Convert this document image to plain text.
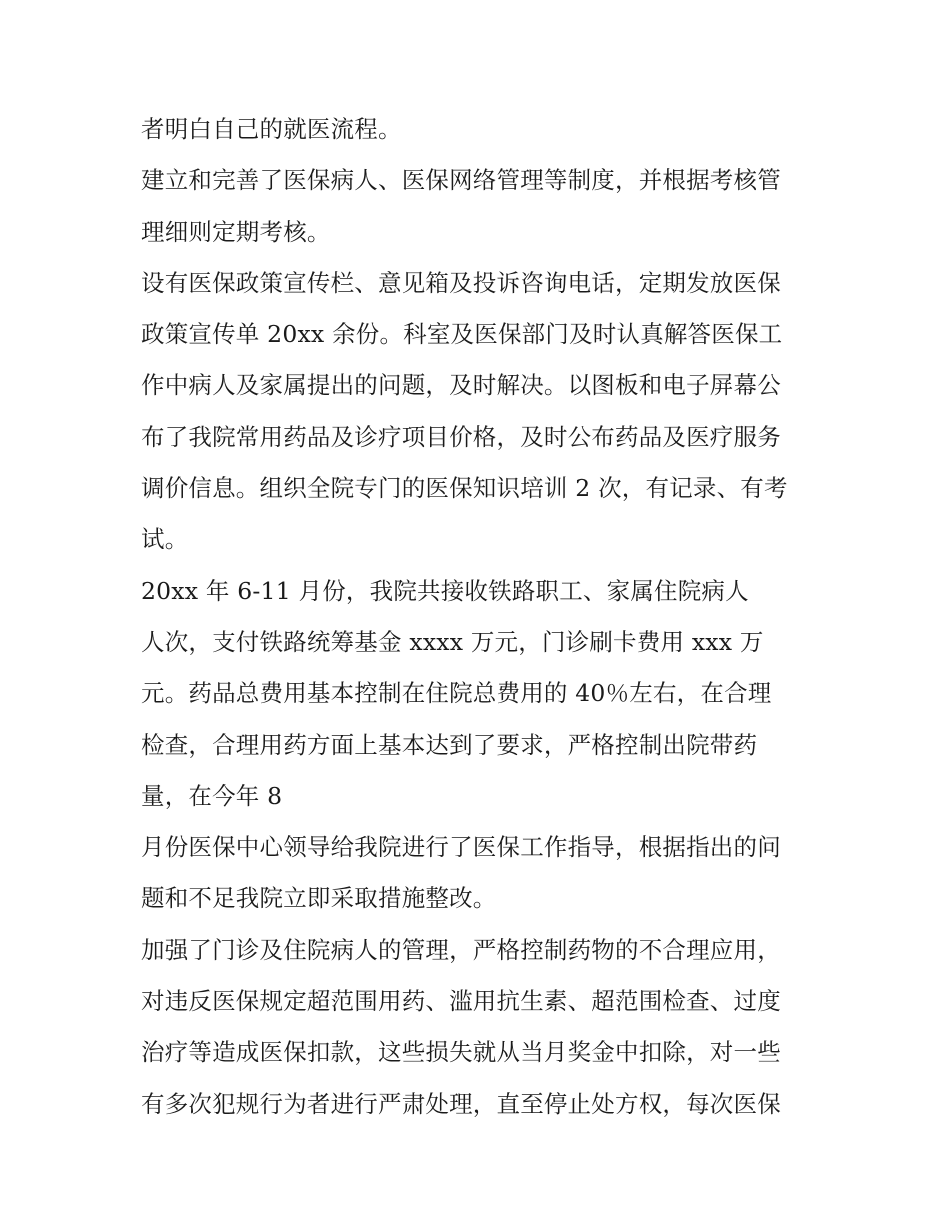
者明白自己的就医流程。
建立和完善了医保病人、医保网络管理等制度，并根据考核管
理细则定期考核。
设有医保政策宣传栏、意见箱及投诉咨询电话，定期发放医保
政策宣传单 20xx 余份。科室及医保部门及时认真解答医保工
作中病人及家属提出的问题，及时解决。以图板和电子屏幕公
布了我院常用药品及诊疗项目价格，及时公布药品及医疗服务
调价信息。组织全院专门的医保知识培训 2 次，有记录、有考
试。
20xx 年 6-11 月份，我院共接收铁路职工、家属住院病人
人次，支付铁路统筹基金 xxxx 万元，门诊刷卡费用 xxx 万
元。药品总费用基本控制在住院总费用的 40％左右，在合理
检查，合理用药方面上基本达到了要求，严格控制出院带药
量，在今年 8
月份医保中心领导给我院进行了医保工作指导，根据指出的问
题和不足我院立即采取措施整改。
加强了门诊及住院病人的管理，严格控制药物的不合理应用，
对违反医保规定超范围用药、滥用抗生素、超范围检查、过度
治疗等造成医保扣款，这些损失就从当月奖金中扣除，对一些
有多次犯规行为者进行严肃处理，直至停止处方权，每次医保
